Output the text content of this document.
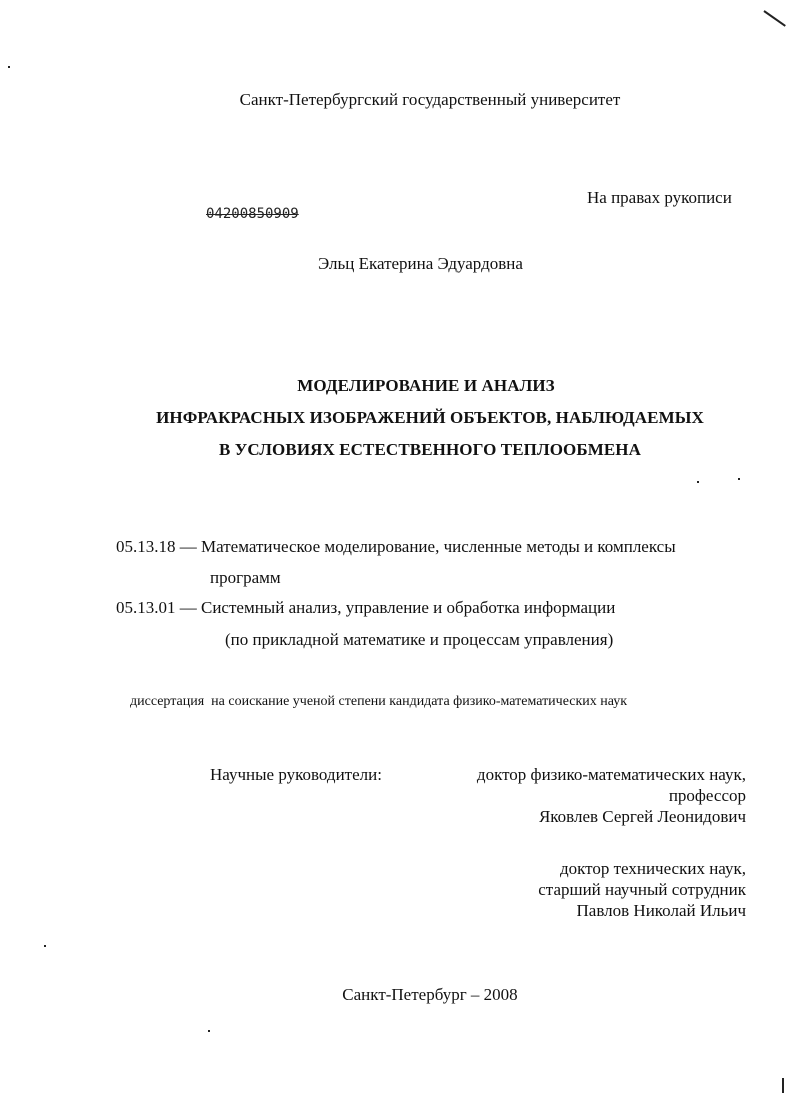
Санкт-Петербургский государственный университет
На правах рукописи
04200850909
Эльц Екатерина Эдуардовна
МОДЕЛИРОВАНИЕ И АНАЛИЗ
ИНФРАКРАСНЫХ ИЗОБРАЖЕНИЙ ОБЪЕКТОВ, НАБЛЮДАЕМЫХ
В УСЛОВИЯХ ЕСТЕСТВЕННОГО ТЕПЛООБМЕНА
05.13.18 — Математическое моделирование, численные методы и комплексы
программ
05.13.01 — Системный анализ, управление и обработка информации
(по прикладной математике и процессам управления)
диссертация  на соискание ученой степени кандидата физико-математических наук
Научные руководители:	доктор физико-математических наук,
профессор
Яковлев Сергей Леонидович
доктор технических наук,
старший научный сотрудник
Павлов Николай Ильич
Санкт-Петербург – 2008
